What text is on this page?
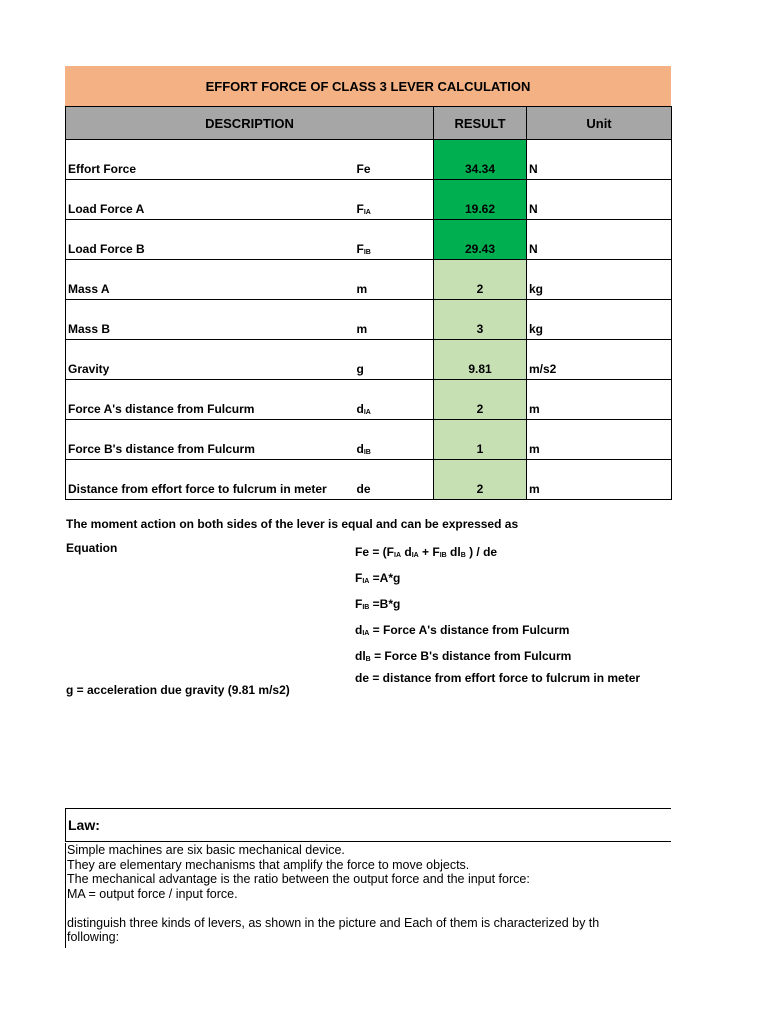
EFFORT FORCE OF CLASS 3 LEVER CALCULATION
DESCRIPTION		RESULT	Unit
Effort Force	Fe	34.34	N
Load Force A	$F_{IA}$	19.62	N
Load Force B	$F_{IB}$	29.43	N
Mass A	m	2	kg
Mass B	m	3	kg
Gravity	g	9.81	m/s2
Force A's distance from Fulcurm	$d_{IA}$	2	m
Force B's distance from Fulcurm	$d_{IB}$	1	m
Distance from effort force to fulcrum in meter	de	2	m
The moment action on both sides of the lever is equal and can be expressed as
Equation	$Fe = (F_{IA}$ $d_{IA} + F_{IB}$ $dl_B$ ) / de
$F_{IA} =A*g$
$F_{IB} =B*g$
$d_{IA}$ = Force A's distance from Fulcurm
$dl_B$ = Force B's distance from Fulcurm
de = distance from effort force to fulcrum in meter
g = acceleration due gravity (9.81 m/s2)
Law:
Simple machines are six basic mechanical device.
They are elementary mechanisms that amplify the force to move objects.
The mechanical advantage is the ratio between the output force and the input force:
MA = output force / input force.
distinguish three kinds of levers, as shown in the picture and Each of them is characterized by th
following:
